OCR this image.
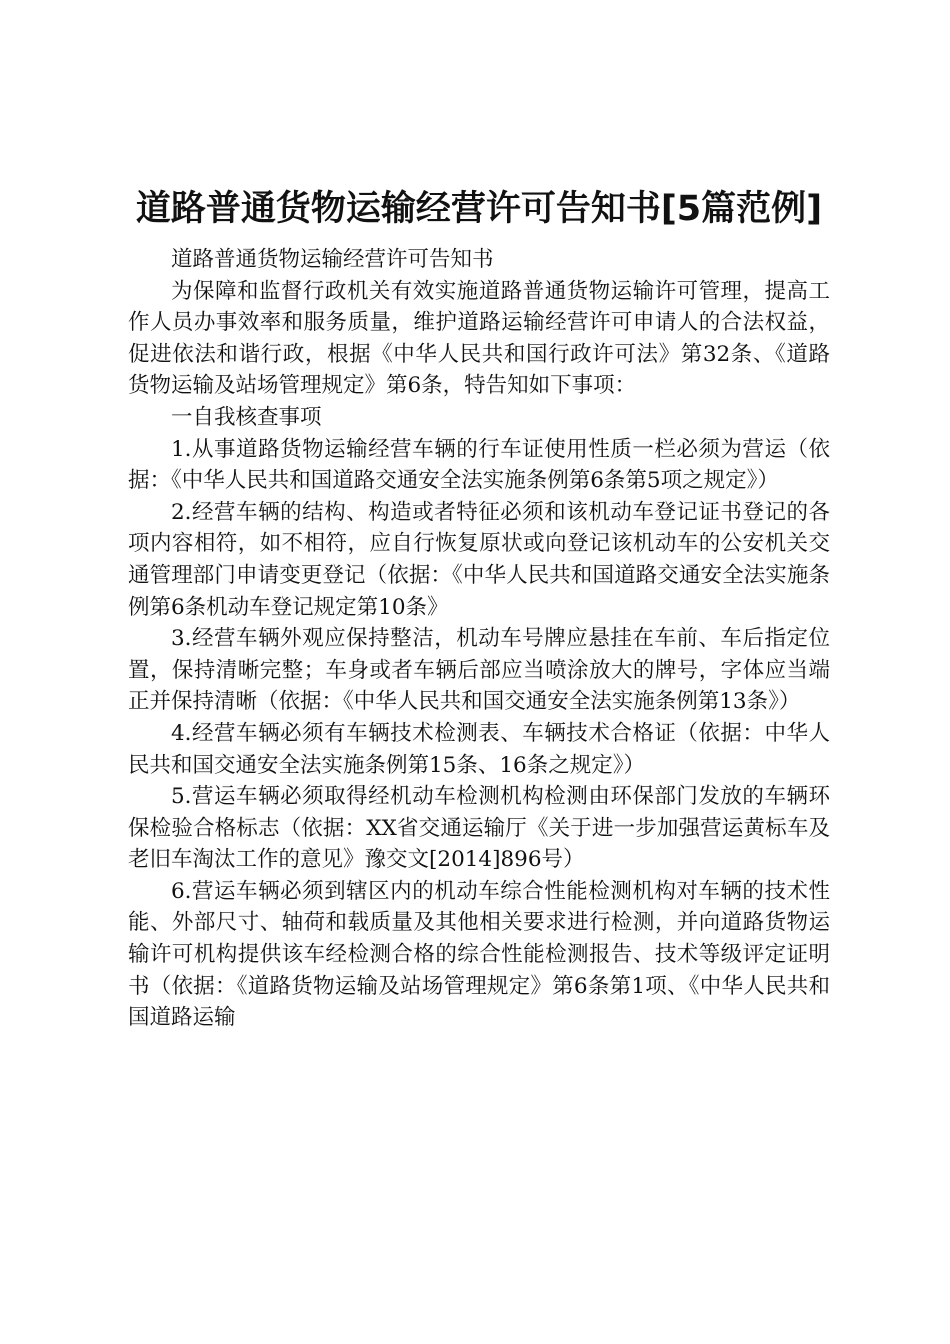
道路普通货物运输经营许可告知书[5篇范例]

道路普通货物运输经营许可告知书

为保障和监督行政机关有效实施道路普通货物运输许可管理，提高工作人员办事效率和服务质量，维护道路运输经营许可申请人的合法权益，促进依法和谐行政，根据《中华人民共和国行政许可法》第32条、《道路货物运输及站场管理规定》第6条，特告知如下事项：

一自我核查事项

1.从事道路货物运输经营车辆的行车证使用性质一栏必须为营运（依据：《中华人民共和国道路交通安全法实施条例第6条第5项之规定》）

2.经营车辆的结构、构造或者特征必须和该机动车登记证书登记的各项内容相符，如不相符，应自行恢复原状或向登记该机动车的公安机关交通管理部门申请变更登记（依据：《中华人民共和国道路交通安全法实施条例第6条机动车登记规定第10条》

3.经营车辆外观应保持整洁，机动车号牌应悬挂在车前、车后指定位置，保持清晰完整；车身或者车辆后部应当喷涂放大的牌号，字体应当端正并保持清晰（依据：《中华人民共和国交通安全法实施条例第13条》）

4.经营车辆必须有车辆技术检测表、车辆技术合格证（依据：中华人民共和国交通安全法实施条例第15条、16条之规定》）

5.营运车辆必须取得经机动车检测机构检测由环保部门发放的车辆环保检验合格标志（依据：XX省交通运输厅《关于进一步加强营运黄标车及老旧车淘汰工作的意见》豫交文[2014]896号）

6.营运车辆必须到辖区内的机动车综合性能检测机构对车辆的技术性能、外部尺寸、轴荷和载质量及其他相关要求进行检测，并向道路货物运输许可机构提供该车经检测合格的综合性能检测报告、技术等级评定证明书（依据：《道路货物运输及站场管理规定》第6条第1项、《中华人民共和国道路运输
